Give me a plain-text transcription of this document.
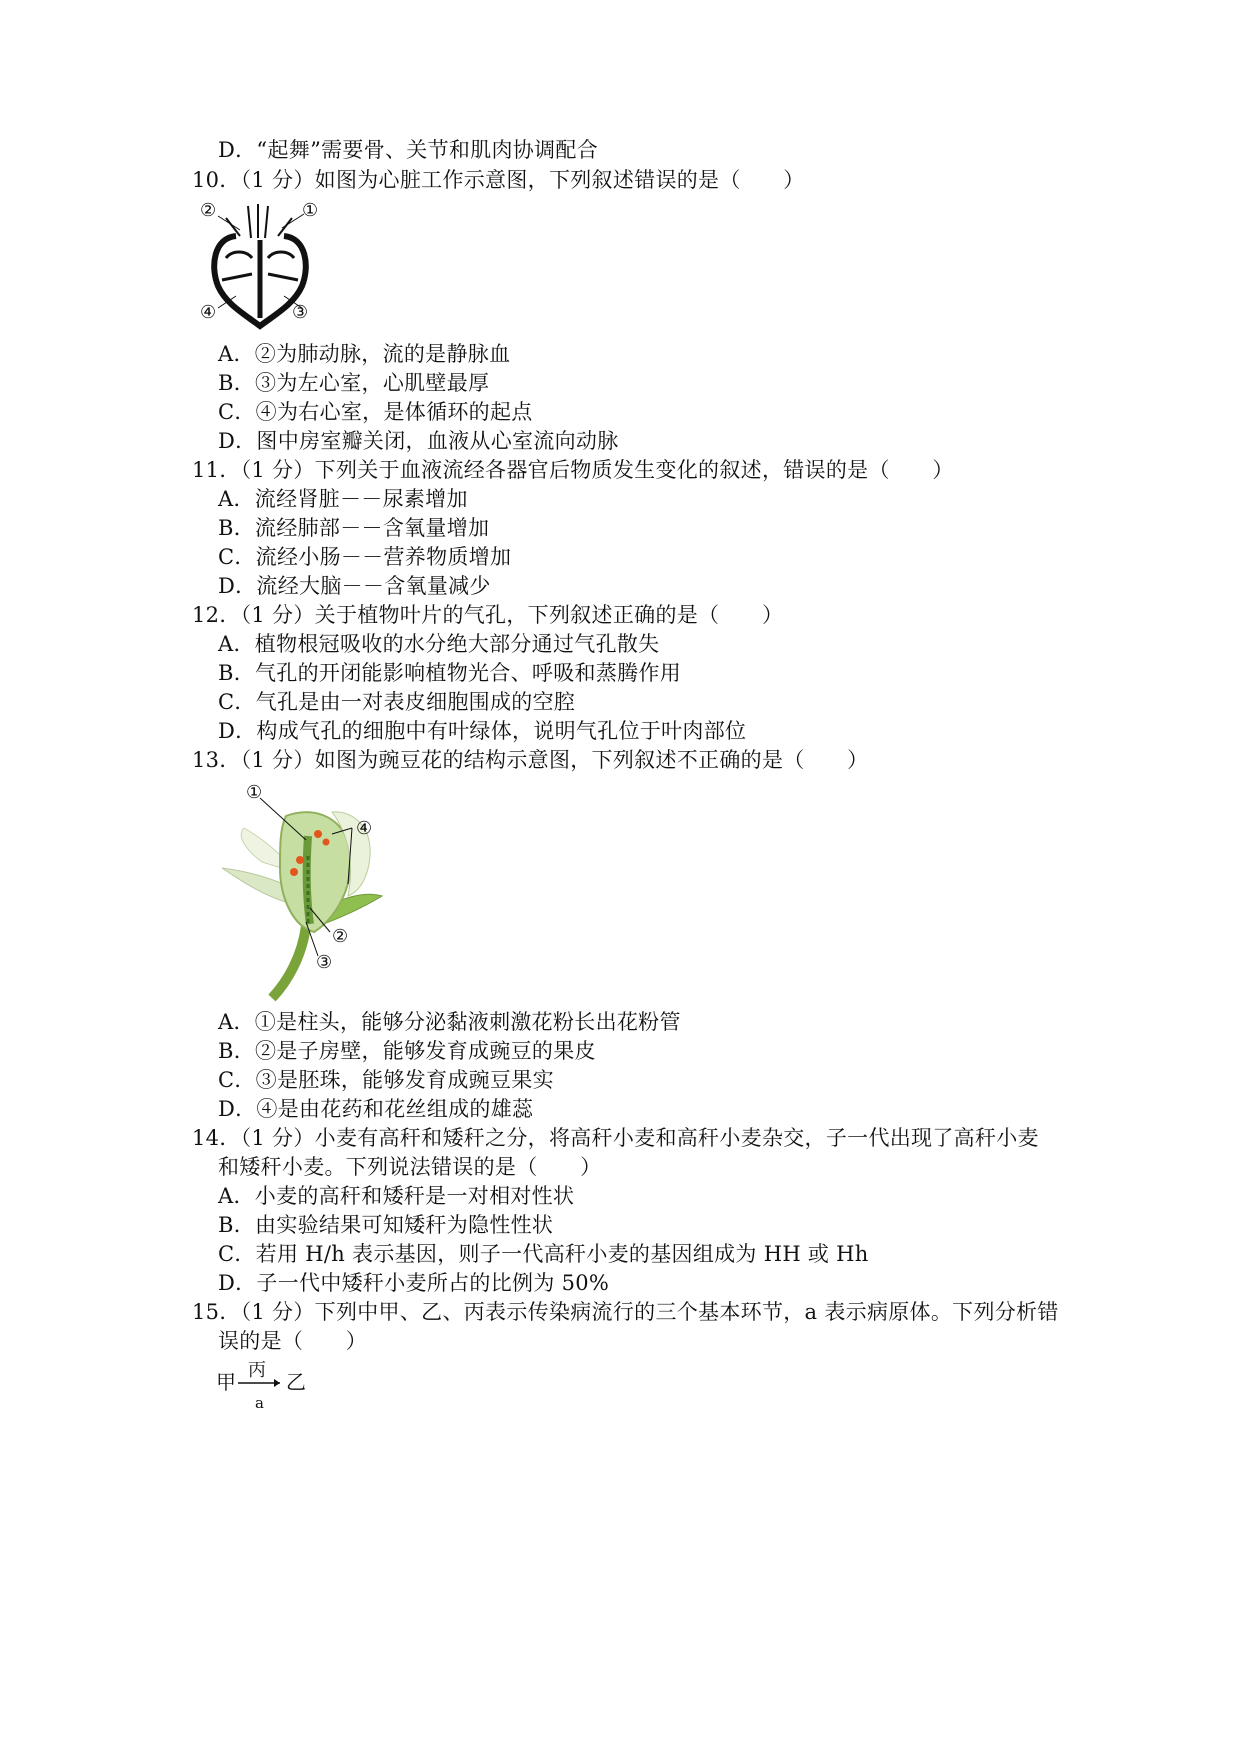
D．“起舞”需要骨、关节和肌肉协调配合
10．（1 分）如图为心脏工作示意图，下列叙述错误的是（　　）
②	①
④	③
A．②为肺动脉，流的是静脉血
B．③为左心室，心肌壁最厚
C．④为右心室，是体循环的起点
D．图中房室瓣关闭，血液从心室流向动脉
11．（1 分）下列关于血液流经各器官后物质发生变化的叙述，错误的是（　　）
A．流经肾脏－－尿素增加
B．流经肺部－－含氧量增加
C．流经小肠－－营养物质增加
D．流经大脑－－含氧量减少
12．（1 分）关于植物叶片的气孔，下列叙述正确的是（　　）
A．植物根冠吸收的水分绝大部分通过气孔散失
B．气孔的开闭能影响植物光合、呼吸和蒸腾作用
C．气孔是由一对表皮细胞围成的空腔
D．构成气孔的细胞中有叶绿体，说明气孔位于叶肉部位
13．（1 分）如图为豌豆花的结构示意图，下列叙述不正确的是（　　）
①
④
②
③
A．①是柱头，能够分泌黏液刺激花粉长出花粉管
B．②是子房壁，能够发育成豌豆的果皮
C．③是胚珠，能够发育成豌豆果实
D．④是由花药和花丝组成的雄蕊
14．（1 分）小麦有高秆和矮秆之分，将高秆小麦和高秆小麦杂交，子一代出现了高秆小麦
和矮秆小麦。下列说法错误的是（　　）
A．小麦的高秆和矮秆是一对相对性状
B．由实验结果可知矮秆为隐性性状
C．若用 H/h 表示基因，则子一代高秆小麦的基因组成为 HH 或 Hh
D．子一代中矮秆小麦所占的比例为 50%
15．（1 分）下列中甲、乙、丙表示传染病流行的三个基本环节，a 表示病原体。下列分析错
误的是（　　）
甲 丙
a
乙
